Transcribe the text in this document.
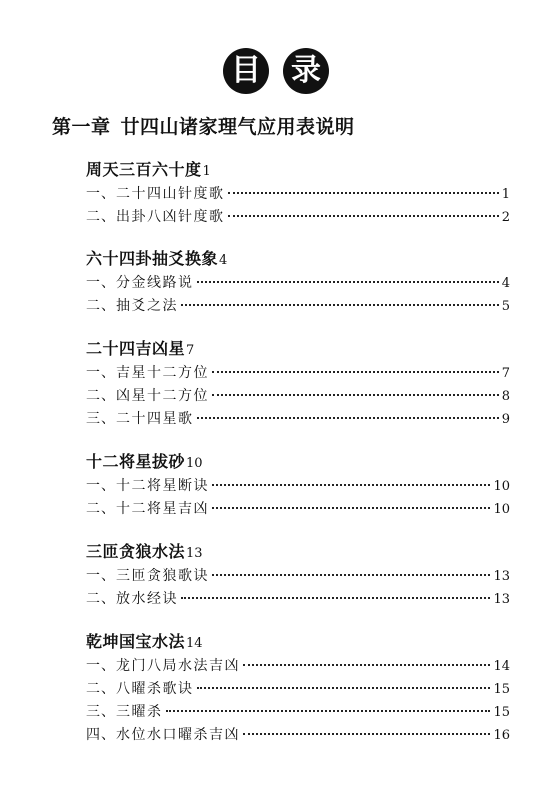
目 录
第一章 廿四山诸家理气应用表说明
周天三百六十度1
一、 二十四山针度歌	1
二、 出卦八凶针度歌	2
六十四卦抽爻换象4
一、 分金线路说	4
二、 抽爻之法	5
二十四吉凶星7
一、 吉星十二方位	7
二、 凶星十二方位	8
三、 二十四星歌	9
十二将星拔砂10
一、 十二将星断诀	10
二、 十二将星吉凶	10
三匝贪狼水法13
一、 三匝贪狼歌诀	13
二、 放水经诀	13
乾坤国宝水法14
一、 龙门八局水法吉凶	14
二、 八曜杀歌诀	15
三、 三曜杀	15
四、 水位水口曜杀吉凶	16
